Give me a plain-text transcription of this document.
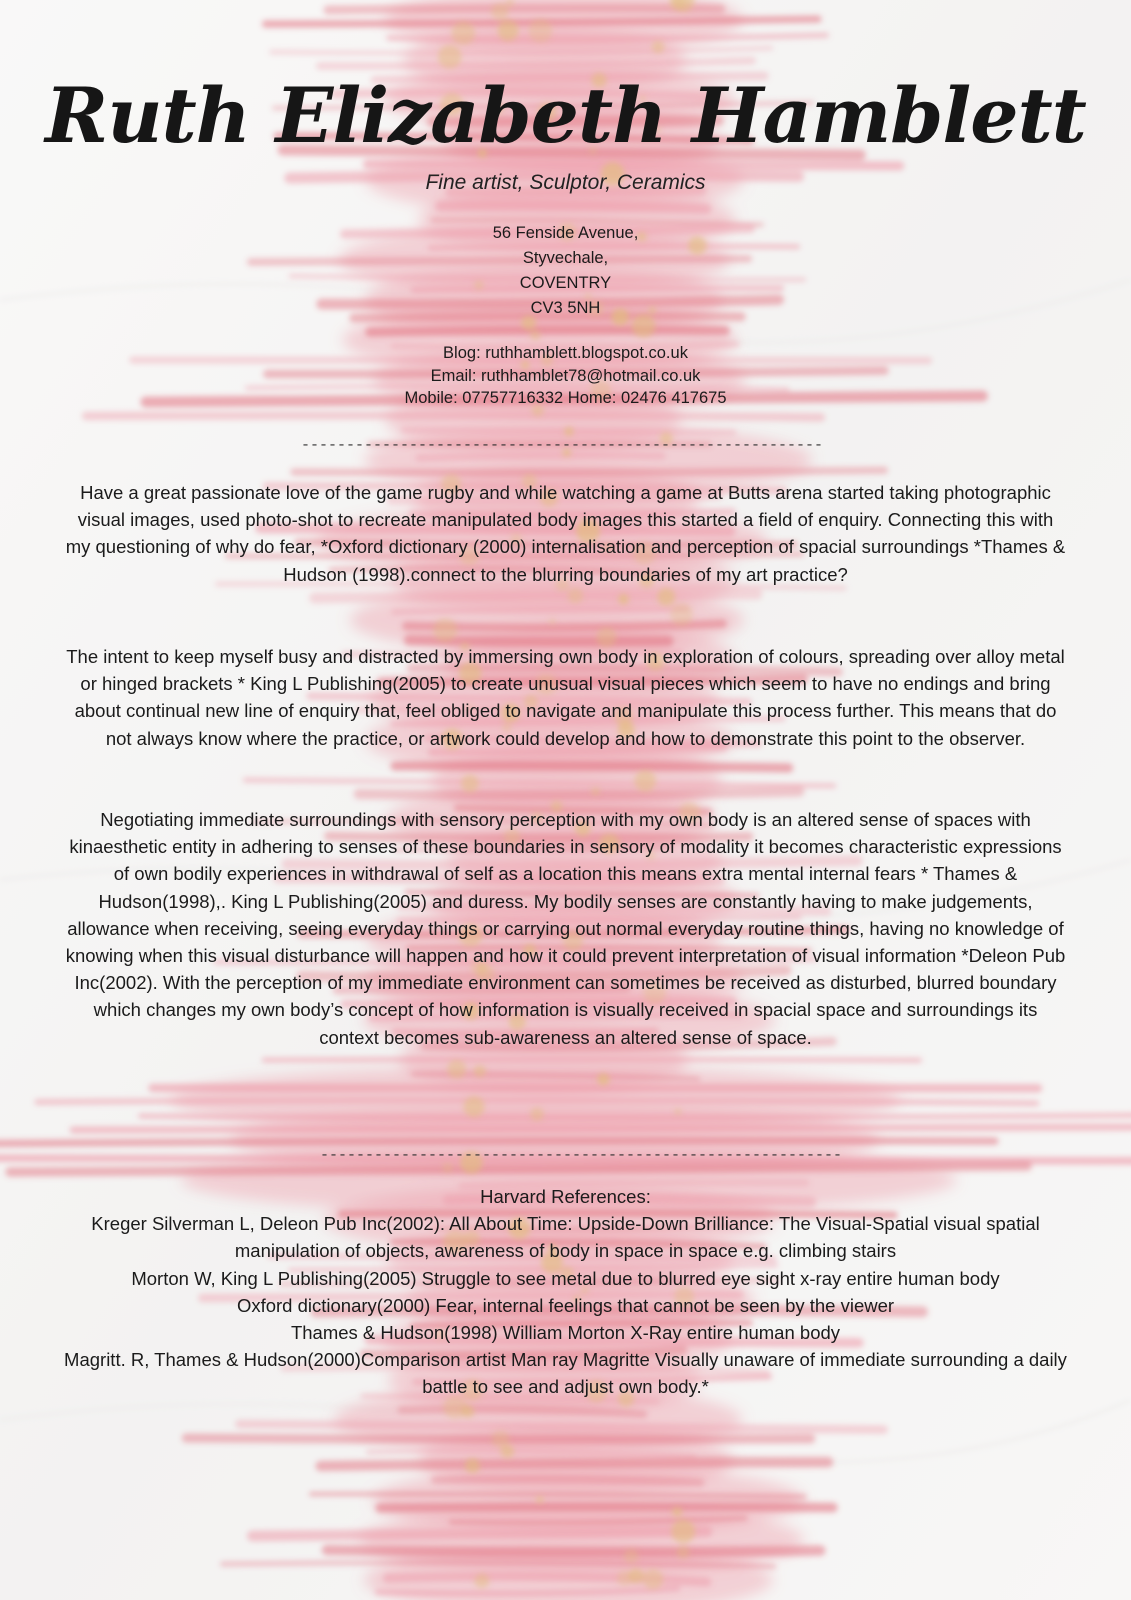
Ruth Elizabeth Hamblett
Fine artist, Sculptor, Ceramics
56 Fenside Avenue,
Styvechale,
COVENTRY
CV3 5NH
Blog: ruthhamblett.blogspot.co.uk
Email: ruthhamblet78@hotmail.co.uk
Mobile: 07757716332 Home: 02476 417675
----------------------------------------------------------

Have a great passionate love of the game rugby and while watching a game at Butts arena started taking photographic visual images, used photo-shot to recreate manipulated body images this started a field of enquiry. Connecting this with my questioning of why do fear, *Oxford dictionary (2000) internalisation and perception of spacial surroundings *Thames & Hudson (1998).connect to the blurring boundaries of my art practice?

The intent to keep myself busy and distracted by immersing own body in exploration of colours, spreading over alloy metal or hinged brackets * King L Publishing(2005) to create unusual visual pieces which seem to have no endings and bring about continual new line of enquiry that, feel obliged to navigate and manipulate this process further. This means that do not always know where the practice, or artwork could develop and how to demonstrate this point to the observer.

Negotiating immediate surroundings with sensory perception with my own body is an altered sense of spaces with kinaesthetic entity in adhering to senses of these boundaries in sensory of modality it becomes characteristic expressions of own bodily experiences in withdrawal of self as a location this means extra mental internal fears * Thames & Hudson(1998),. King L Publishing(2005) and duress. My bodily senses are constantly having to make judgements, allowance when receiving, seeing everyday things or carrying out normal everyday routine things, having no knowledge of knowing when this visual disturbance will happen and how it could prevent interpretation of visual information *Deleon Pub Inc(2002). With the perception of my immediate environment can sometimes be received as disturbed, blurred boundary which changes my own body’s concept of how information is visually received in spacial space and surroundings its context becomes sub-awareness an altered sense of space.

----------------------------------------------------------

Harvard References:

Kreger Silverman L, Deleon Pub Inc(2002): All About Time: Upside-Down Brilliance: The Visual-Spatial visual spatial manipulation of objects, awareness of body in space in space e.g. climbing stairs

Morton W, King L Publishing(2005) Struggle to see metal due to blurred eye sight x-ray entire human body

Oxford dictionary(2000) Fear, internal feelings that cannot be seen by the viewer

Thames & Hudson(1998) William Morton X-Ray entire human body

Magritt. R, Thames & Hudson(2000)Comparison artist Man ray Magritte Visually unaware of immediate surrounding a daily battle to see and adjust own body.*
